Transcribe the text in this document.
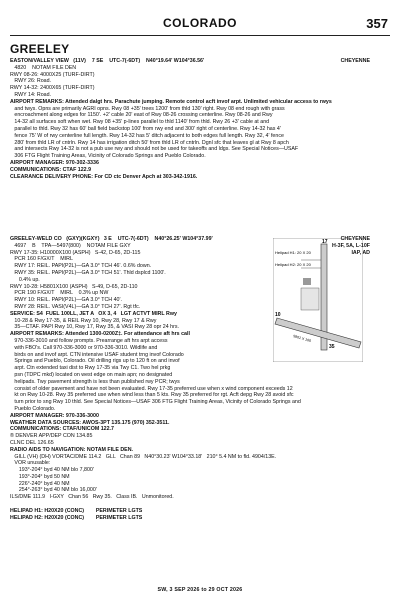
COLORADO	357
GREELEY
CHEYENNE
EASTON/VALLEY VIEW   (11V)    7 SE    UTC-7(-6DT)    N40°19.64' W104°36.56'
4820    NOTAM FILE DEN
RWY 08-26: 4000X25 (TURF-DIRT)
RWY 26: Road.
RWY 14-32: 2400X65 (TURF-DIRT)
RWY 14: Road.
AIRPORT REMARKS: Attended dalgt hrs. Parachute jumping. Remote control acft invof arpt. Unlimited vehicular access to rwys
and twys. Opns are primarily AGRI opns. Rwy 08 +35' trees 1200' from thld 130' right. Rwy 08 end rough with grass
encroachment along edges for 1150'. +2' cable 20' east of Rwy 08-26 crossing centerline. Rwy 08-26 and Rwy
14-32 all surfaces soft when wet. Rwy 08 +35' p-lines parallel to thld 1140' from thld. Rwy 26 +3' cable at and
parallel to thld. Rwy 32 has 60' ball field backstop 100' from rwy end and 300' right of centerline. Rwy 14-32 has 4'
fence 75' W of rwy centerline full length. Rwy 14-32 has 5' ditch adjacent to both edges full length. Rwy 32, 4' fence
280' from thld LR of cntrln. Rwy 14 has irrigation ditch 50' from thld LR of cntrln. Dgnl sfc that leaves gl at Rwy 8 apch
and intersects Rwy 14-32 is not a pub use rwy and should not be used for takeoffs and ldgs. See Special Notices—USAF
306 FTG Flight Training Areas, Vicinity of Colorado Springs and Pueblo Colorado.
AIRPORT MANAGER: 970-302-3336
COMMUNICATIONS: CTAF 122.9
CLEARANCE DELIVERY PHONE: For CD ctc Denver Apch at 303-342-1916.
CHEYENNE
H-3F, 5A, L-10F
IAP, AD
GREELEY-WELD CO   (GXY)(KGXY)   3 E    UTC-7(-6DT)    N40°26.25' W104°37.99'
4697    B    TPA—5497(800)    NOTAM FILE GXY
RWY 17-35: H10000X100 (ASPH)   S-42, D-65, 2D-115
PCR 160 F/GX/T    MIRL
RWY 17: REIL. PAPI(P2L)—GA 3.0° TCH 46'. 0.6% down.
RWY 35: REIL. PAPI(P2L)—GA 3.0° TCH 51'. Thld dsplcd 1100'.
0.4% up.
RWY 10-28: H5801X100 (ASPH)   S-49, D-65, 2D-110
PCR 190 F/GX/T    MIRL    0.3% up NW
RWY 10: REIL. PAPI(P2L)—GA 3.0° TCH 40'.
RWY 28: REIL. VASI(V4L)—GA 3.0° TCH 27'. Rgt tfc.
SERVICE: S4  FUEL 100LL, JET A   OX 3, 4   LGT ACTVT MIRL Rwy
10-28 & Rwy 17-35, & REIL Rwy 10, Rwy 28, Rwy 17 & Rwy
35—CTAF. PAPI Rwy 10, Rwy 17, Rwy 35, & VASI Rwy 28 opr 24 hrs.
AIRPORT REMARKS: Attended 1300-0200Z‡. For attendance aft hrs call
970-336-3010 and follow prompts. Prearrange aft hrs arpt access
with FBO's. Call 970-336-3000 or 970-336-3010. Wildlife and
birds on and invof arpt. CTN intensive USAF student trng invof Colorado
Springs and Pueblo, Colorado. Oil drilling rigs up to 120 ft on and invof
arpt. Ctn extended taxi dist to Rwy 17-35 via Twy C1. Two hel prkg
psn (TDPC mkd) located on west edge on main apn; no designated
helipads. Twy pavement strength is less than published rwy PCR; twys
consist of older pavement and have not been evaluated. Rwy 17-35 preferred use when x wind component exceeds 12
kt on Rwy 10-28. Rwy 35 preferred use when wind less than 5 kts. Rwy 35 preferred for rgt. Acft depg Rwy 28 avoid sfc
turn prior to sng Rwy 10 thld. See Special Notices—USAF 306 FTG Flight Training Areas, Vicinity of Colorado Springs and
Pueblo Colorado.
AIRPORT MANAGER: 970-336-3000
WEATHER DATA SOURCES: AWOS-3PT 135.175 (970) 352-3511.
COMMUNICATIONS: CTAF/UNICOM 122.7
® DENVER APP/DEP CON 134.85
CLNC DEL 126.65
RADIO AIDS TO NAVIGATION: NOTAM FILE DEN.
GILL (VH) (DH) VORTAC/DME 114.2   GLL   Chan 89   N40°30.23' W104°33.18'   210° 5.4 NM to fld. 4904/13E.
VOR unusable:
193°-204° byd 40 NM blo 7,800'
193°-204° byd 50 NM
226°-240° byd 40 NM
254°-263° byd 40 NM blo 16,000'
ILS/DME 111.9   I-GXY   Chan 56   Rwy 35.   Class IB.   Unmonitored.

HELIPAD H1: H20X20 (CONC)        PERIMETER LGTS
HELIPAD H2: H20X20 (CONC)        PERIMETER LGTS
Helipad H1: 20 X 20
Helipad H2: 20 X 20
17
35
10
5801 X 100
SW, 3 SEP 2026 to 29 OCT 2026
